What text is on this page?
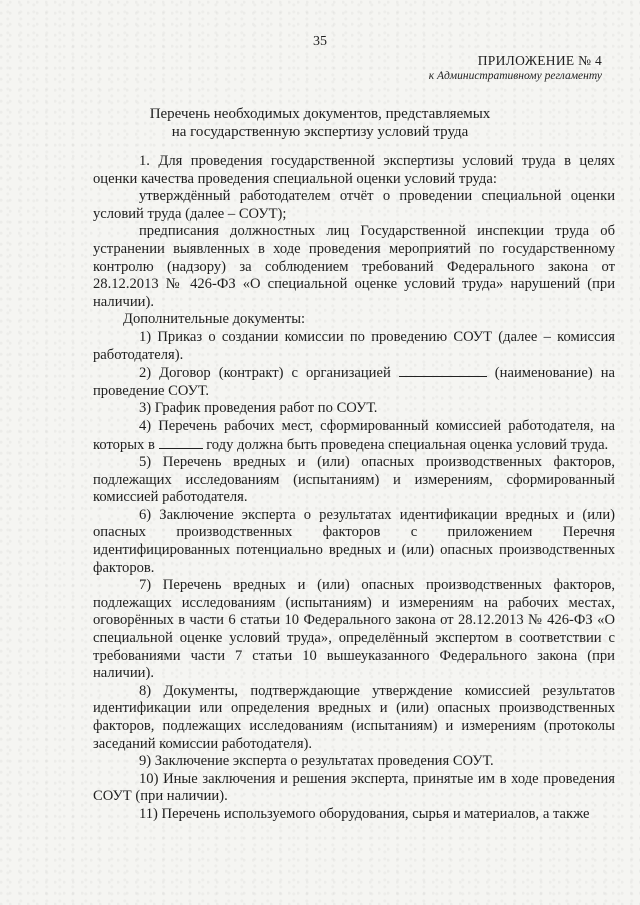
35
ПРИЛОЖЕНИЕ № 4
к Административному регламенту
Перечень необходимых документов, представляемых
на государственную экспертизу условий труда

1. Для проведения государственной экспертизы условий труда в целях оценки качества проведения специальной оценки условий труда:

утверждённый работодателем отчёт о проведении специальной оценки условий труда (далее – СОУТ);

предписания должностных лиц Государственной инспекции труда об устранении выявленных в ходе проведения мероприятий по государственному контролю (надзору) за соблюдением требований Федерального закона от 28.12.2013 № 426-ФЗ «О специальной оценке условий труда» нарушений (при наличии).

Дополнительные документы:

1) Приказ о создании комиссии по проведению СОУТ (далее – комиссия работодателя).

2) Договор (контракт) с организацией	(наименование) на проведение СОУТ.

3) График проведения работ по СОУТ.

4) Перечень рабочих мест, сформированный комиссией работодателя, на которых в	году должна быть проведена специальная оценка условий труда.

5) Перечень вредных и (или) опасных производственных факторов, подлежащих исследованиям (испытаниям) и измерениям, сформированный комиссией работодателя.

6) Заключение эксперта о результатах идентификации вредных и (или) опасных производственных факторов с приложением Перечня идентифицированных потенциально вредных и (или) опасных производственных факторов.

7) Перечень вредных и (или) опасных производственных факторов, подлежащих исследованиям (испытаниям) и измерениям на рабочих местах, оговорённых в части 6 статьи 10 Федерального закона от 28.12.2013 № 426-ФЗ «О специальной оценке условий труда», определённый экспертом в соответствии с требованиями части 7 статьи 10 вышеуказанного Федерального закона (при наличии).

8) Документы, подтверждающие утверждение комиссией результатов идентификации или определения вредных и (или) опасных производственных факторов, подлежащих исследованиям (испытаниям) и измерениям (протоколы заседаний комиссии работодателя).

9) Заключение эксперта о результатах проведения СОУТ.

10) Иные заключения и решения эксперта, принятые им в ходе проведения СОУТ (при наличии).

11) Перечень используемого оборудования, сырья и материалов, а также
